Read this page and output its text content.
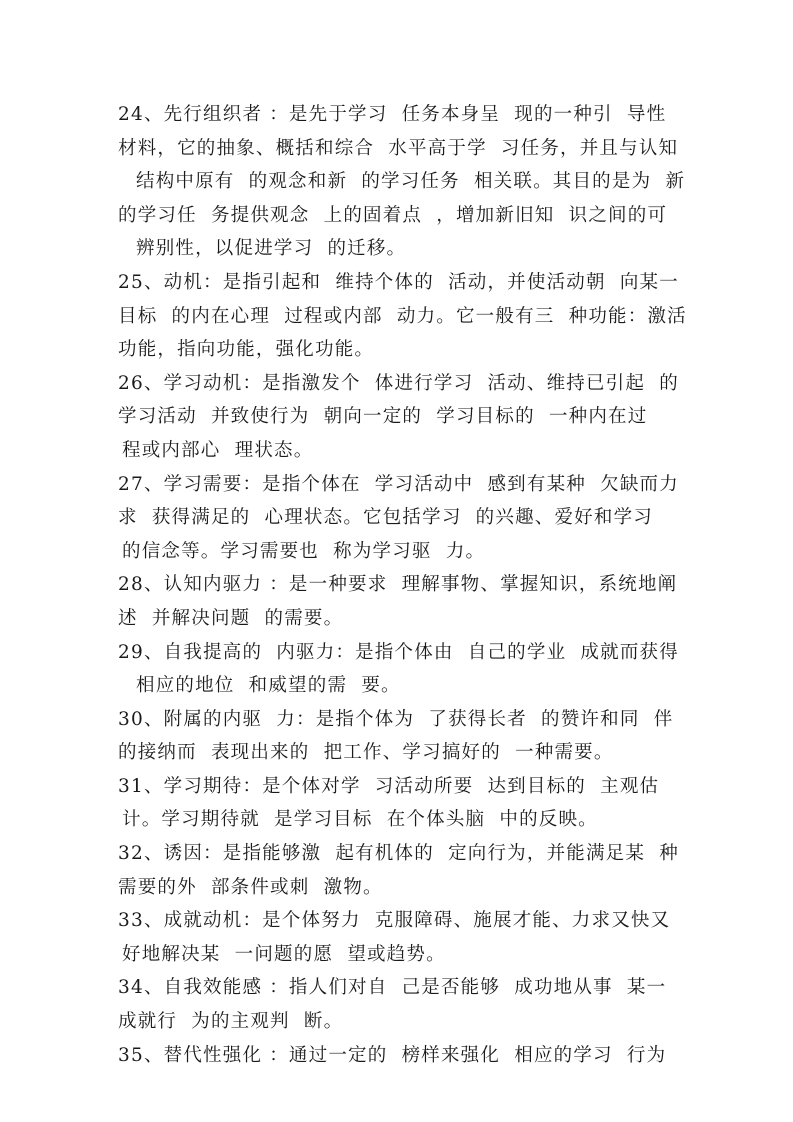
24、先行组织者 ：是先于学习  任务本身呈  现的一种引  导性
材料，它的抽象、概括和综合  水平高于学  习任务，并且与认知
结构中原有  的观念和新  的学习任务  相关联。其目的是为  新
的学习任  务提供观念  上的固着点  ，增加新旧知  识之间的可
辨别性，以促进学习  的迁移。
25、动机：是指引起和  维持个体的  活动，并使活动朝  向某一
目标  的内在心理  过程或内部  动力。它一般有三  种功能：激活
功能，指向功能，强化功能。
26、学习动机：是指激发个  体进行学习  活动、维持已引起  的
学习活动  并致使行为  朝向一定的  学习目标的  一种内在过
程或内部心  理状态。
27、学习需要：是指个体在  学习活动中  感到有某种  欠缺而力
求  获得满足的  心理状态。它包括学习  的兴趣、爱好和学习
的信念等。学习需要也  称为学习驱  力。
28、认知内驱力 ：是一种要求  理解事物、掌握知识，系统地阐
述  并解决问题  的需要。
29、自我提高的  内驱力：是指个体由  自己的学业  成就而获得
相应的地位  和威望的需  要。
30、附属的内驱  力：是指个体为  了获得长者  的赞许和同  伴
的接纳而  表现出来的  把工作、学习搞好的  一种需要。
31、学习期待：是个体对学  习活动所要  达到目标的  主观估
计。学习期待就  是学习目标  在个体头脑  中的反映。
32、诱因：是指能够激  起有机体的  定向行为，并能满足某  种
需要的外  部条件或刺  激物。
33、成就动机：是个体努力  克服障碍、施展才能、力求又快又
好地解决某  一问题的愿  望或趋势。
34、自我效能感 ：指人们对自  己是否能够  成功地从事  某一
成就行  为的主观判  断。
35、替代性强化 ：通过一定的  榜样来强化  相应的学习  行为
